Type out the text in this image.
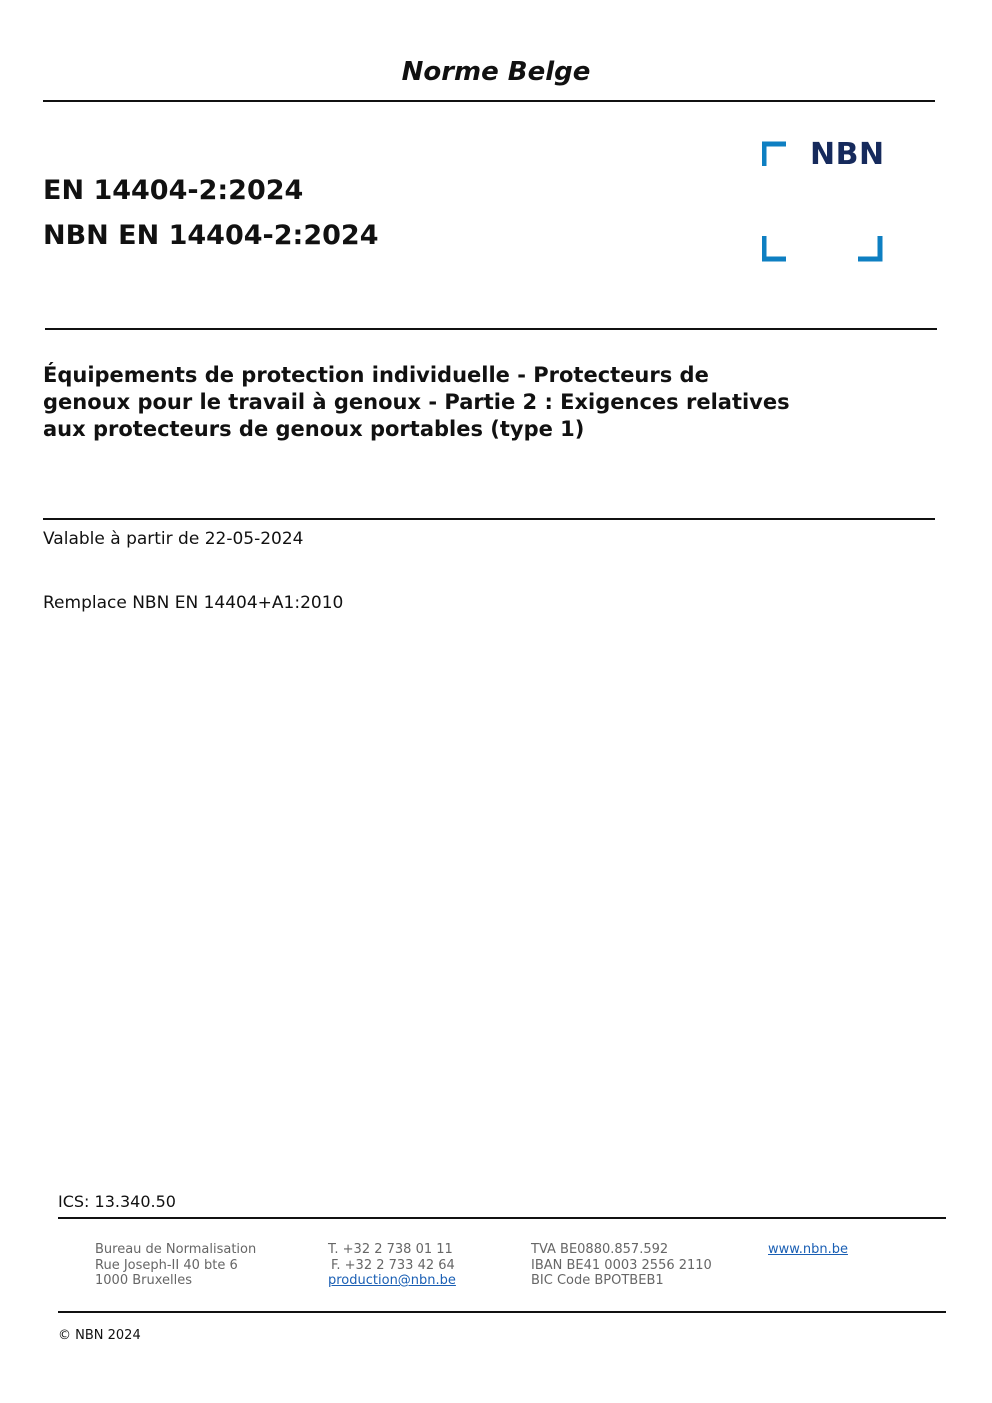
Norme Belge
EN 14404-2:2024
NBN EN 14404-2:2024
NBN
Équipements de protection individuelle - Protecteurs de
genoux pour le travail à genoux - Partie 2 : Exigences relatives
aux protecteurs de genoux portables (type 1)
Valable à partir de 22-05-2024
Remplace NBN EN 14404+A1:2010
ICS: 13.340.50
Bureau de Normalisation
Rue Joseph-II 40 bte 6
1000 Bruxelles
T. +32 2 738 01 11
F. +32 2 733 42 64
production@nbn.be
TVA BE0880.857.592
IBAN BE41 0003 2556 2110
BIC Code BPOTBEB1
www.nbn.be
© NBN 2024
